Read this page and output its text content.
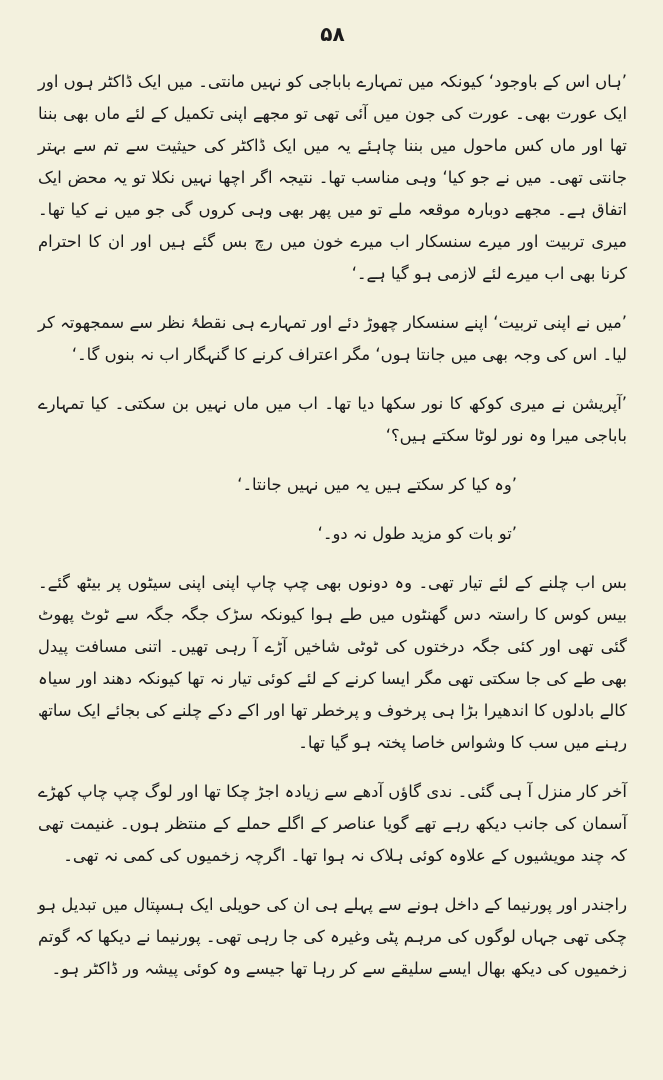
۵۸

’ہاں اس کے باوجود‘ کیونکہ میں تمہارے باباجی کو نہیں مانتی۔ میں ایک ڈاکٹر ہوں اور ایک عورت بھی۔ عورت کی جون میں آئی تھی تو مجھے اپنی تکمیل کے لئے ماں بھی بننا تھا اور ماں کس ماحول میں بننا چاہئے یہ میں ایک ڈاکٹر کی حیثیت سے تم سے بہتر جانتی تھی۔ میں نے جو کیا‘ وہی مناسب تھا۔ نتیجہ اگر اچھا نہیں نکلا تو یہ محض ایک اتفاق ہے۔ مجھے دوبارہ موقعہ ملے تو میں پھر بھی وہی کروں گی جو میں نے کیا تھا۔ میری تربیت اور میرے سنسکار اب میرے خون میں رچ بس گئے ہیں اور ان کا احترام کرنا بھی اب میرے لئے لازمی ہو گیا ہے۔‘

’میں نے اپنی تربیت‘ اپنے سنسکار چھوڑ دئے اور تمہارے ہی نقطۂ نظر سے سمجھوتہ کر لیا۔ اس کی وجہ بھی میں جانتا ہوں‘ مگر اعتراف کرنے کا گنہگار اب نہ بنوں گا۔‘

’آپریشن نے میری کوکھ کا نور سکھا دیا تھا۔ اب میں ماں نہیں بن سکتی۔ کیا تمہارے باباجی میرا وہ نور لوٹا سکتے ہیں؟‘

’وہ کیا کر سکتے ہیں یہ میں نہیں جانتا۔‘

’تو بات کو مزید طول نہ دو۔‘

بس اب چلنے کے لئے تیار تھی۔ وہ دونوں بھی چپ چاپ اپنی اپنی سیٹوں پر بیٹھ گئے۔ بیس کوس کا راستہ دس گھنٹوں میں طے ہوا کیونکہ سڑک جگہ جگہ سے ٹوٹ پھوٹ گئی تھی اور کئی جگہ درختوں کی ٹوٹی شاخیں آڑے آ رہی تھیں۔ اتنی مسافت پیدل بھی طے کی جا سکتی تھی مگر ایسا کرنے کے لئے کوئی تیار نہ تھا کیونکہ دھند اور سیاہ کالے بادلوں کا اندھیرا بڑا ہی پرخوف و پرخطر تھا اور اکے دکے چلنے کی بجائے ایک ساتھ رہنے میں سب کا وشواس خاصا پختہ ہو گیا تھا۔

آخر کار منزل آ ہی گئی۔ ندی گاؤں آدھے سے زیادہ اجڑ چکا تھا اور لوگ چپ چاپ کھڑے آسمان کی جانب دیکھ رہے تھے گویا عناصر کے اگلے حملے کے منتظر ہوں۔ غنیمت تھی کہ چند مویشیوں کے علاوہ کوئی ہلاک نہ ہوا تھا۔ اگرچہ زخمیوں کی کمی نہ تھی۔

راجندر اور پورنیما کے داخل ہونے سے پہلے ہی ان کی حویلی ایک ہسپتال میں تبدیل ہو چکی تھی جہاں لوگوں کی مرہم پٹی وغیرہ کی جا رہی تھی۔ پورنیما نے دیکھا کہ گوتم زخمیوں کی دیکھ بھال ایسے سلیقے سے کر رہا تھا جیسے وہ کوئی پیشہ ور ڈاکٹر ہو۔
